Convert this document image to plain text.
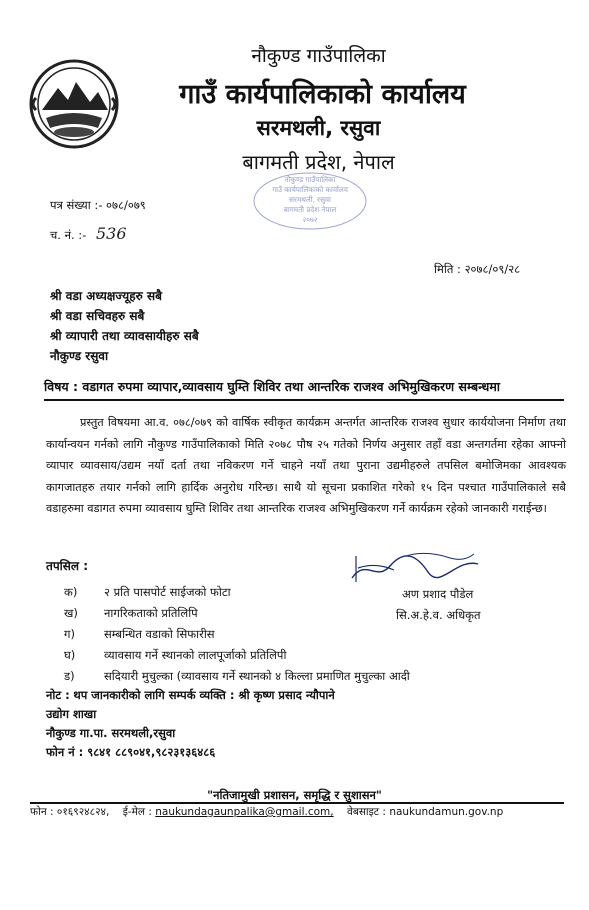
नौकुण्ड गाउँपालिका
गाउँ कार्यपालिकाको कार्यालय
सरमथली, रसुवा
बागमती प्रदेश, नेपाल
नौकुण्ड गाउँपालिका
गाउँ कार्यपालिकाको कार्यालय
सरमथली, रसुवा
बागमती प्रदेश नेपाल
२०७२
पत्र संख्या :- ०७८/०७९
च. नं. :- 536
मिति : २०७८/०९/२८
श्री वडा अध्यक्षज्यूहरु सबै
श्री वडा सचिवहरु सबै
श्री व्यापारी तथा व्यावसायीहरु सबै
नौकुण्ड रसुवा
विषय : वडागत रुपमा व्यापार,व्यावसाय घुम्ति शिविर तथा आन्तरिक राजश्व अभिमुखिकरण सम्बन्धमा
प्रस्तुत विषयमा आ.व. ०७८/०७९ को वार्षिक स्वीकृत कार्यक्रम अन्तर्गत आन्तरिक राजश्व सुधार कार्ययोजना निर्माण तथा कार्यान्वयन गर्नको लागि नौकुण्ड गाउँपालिकाको मिति २०७८ पौष २५ गतेको निर्णय अनुसार तहाँ वडा अन्तगर्तमा रहेका आफ्नो व्यापार व्यावसाय/उद्यम नयाँ दर्ता तथा नविकरण गर्ने चाहने नयाँ तथा पुराना उद्यमीहरुले तपसिल बमोजिमका आवश्यक कागजातहरु तयार गर्नको लागि हार्दिक अनुरोध गरिन्छ। साथै यो सूचना प्रकाशित गरेको १५ दिन पश्चात गाउँपालिकाले सबै वडाहरुमा वडागत रुपमा व्यावसाय घुम्ति शिविर तथा आन्तरिक राजश्व अभिमुखिकरण गर्ने कार्यक्रम रहेको जानकारी गराईन्छ।
तपसिल :
क) २ प्रति पासपोर्ट साईजको फोटा
ख) नागरिकताको प्रतिलिपि
ग)	सम्बन्धित वडाको सिफारीस
घ) व्यावसाय गर्ने स्थानको लालपूर्जाको प्रतिलिपी
ड)	सदियारी मुचुल्का (व्यावसाय गर्ने स्थानको ४ किल्ला प्रमाणित मुचुल्का आदी
अण प्रशाद पौडेल
सि.अ.हे.व. अधिकृत
नोट : थप जानकारीको लागि सम्पर्क व्यक्ति : श्री कृष्ण प्रसाद न्यौपाने
उद्योग शाखा
नौकुण्ड गा.पा. सरमथली,रसुवा
फोन नं : ९८४१ ८८९०४१,९८२३१३६४८६
"नतिजामुखी प्रशासन, समृद्धि र सुशासन"
फोन : ०१६९२४८२४, ई-मेल : naukundagaunpalika@gmail.com, वेबसाइट : naukundamun.gov.np
